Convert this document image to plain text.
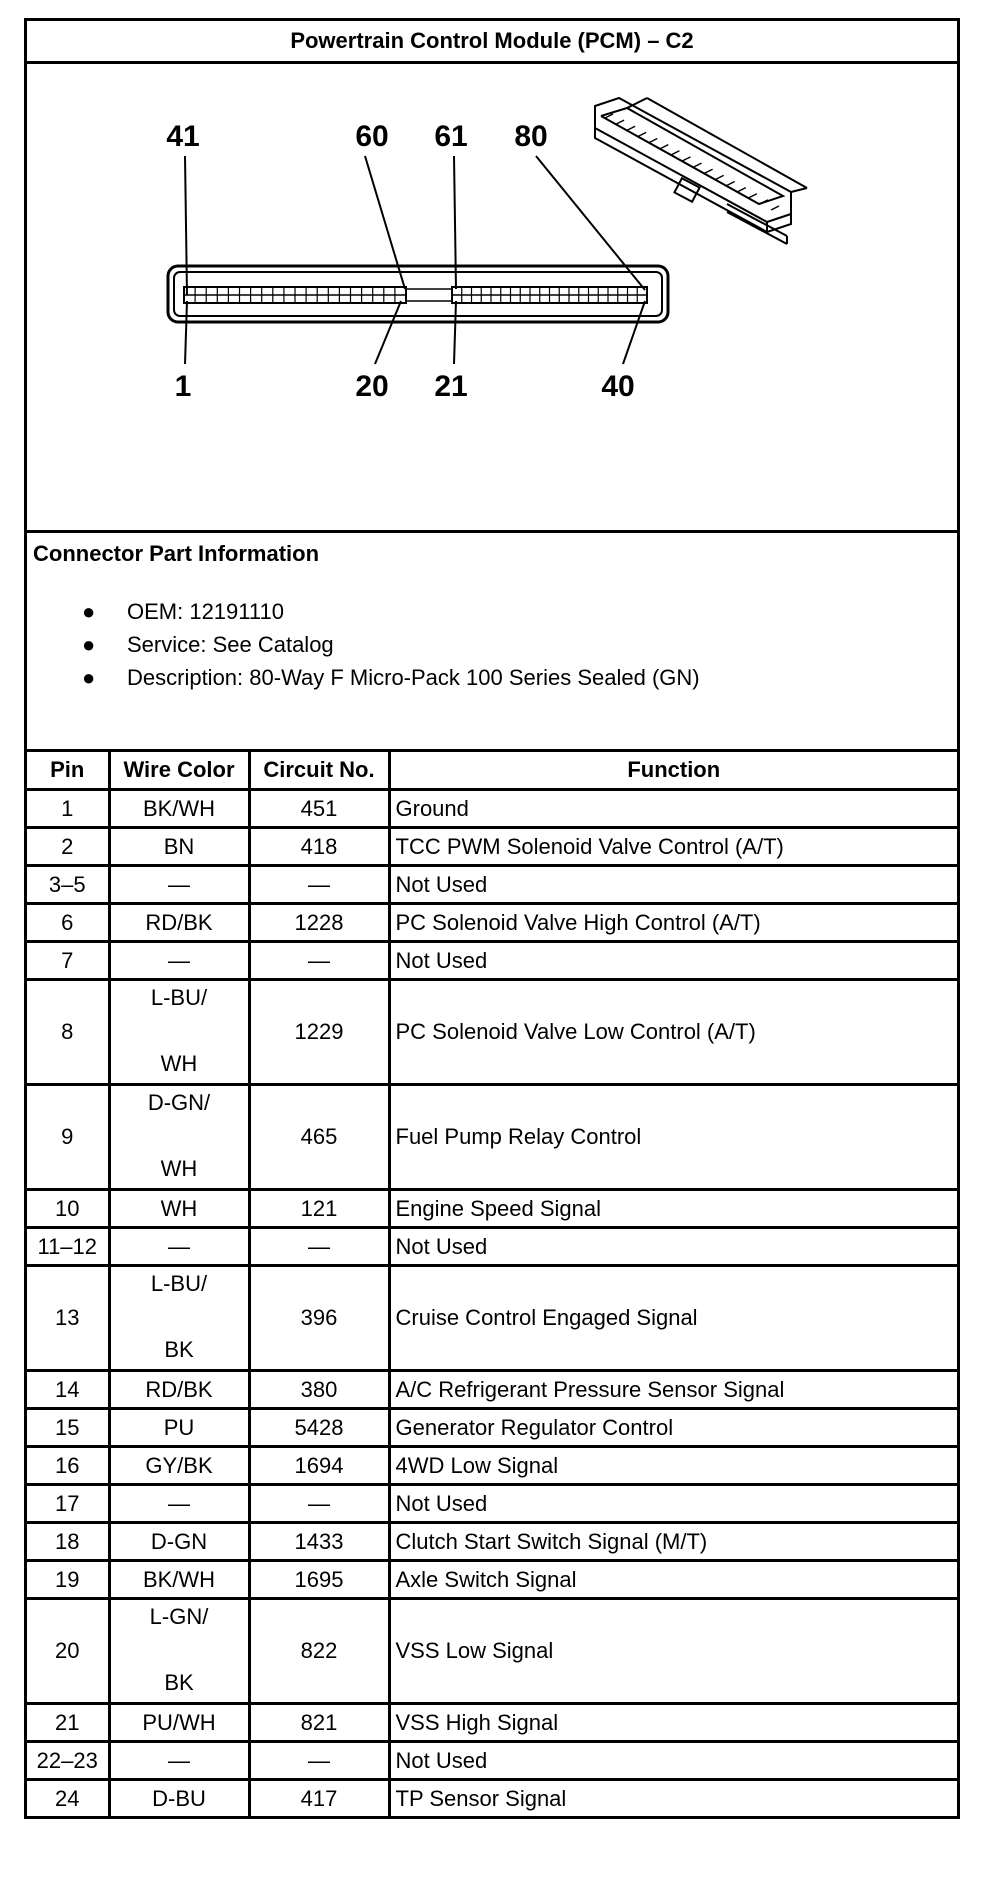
Powertrain Control Module (PCM) – C2
41	60 61 80
1	20 21	40
Connector Part Information
● OEM: 12191110
● Service: See Catalog
● Description: 80-Way F Micro-Pack 100 Series Sealed (GN)
Pin	Wire Color	Circuit No.	Function
1	BK/WH	451	Ground
2	BN	418	TCC PWM Solenoid Valve Control (A/T)
3–5	—	—	Not Used
6	RD/BK	1228	PC Solenoid Valve High Control (A/T)
7	—	—	Not Used
8	L-BU/
WH	1229	PC Solenoid Valve Low Control (A/T)
9	D-GN/
WH	465	Fuel Pump Relay Control
10	WH	121	Engine Speed Signal
11–12	—	—	Not Used
13	L-BU/
BK	396	Cruise Control Engaged Signal
14	RD/BK	380	A/C Refrigerant Pressure Sensor Signal
15	PU	5428	Generator Regulator Control
16	GY/BK	1694	4WD Low Signal
17	—	—	Not Used
18	D-GN	1433	Clutch Start Switch Signal (M/T)
19	BK/WH	1695	Axle Switch Signal
20	L-GN/
BK	822	VSS Low Signal
21	PU/WH	821	VSS High Signal
22–23	—	—	Not Used
24	D-BU	417	TP Sensor Signal
